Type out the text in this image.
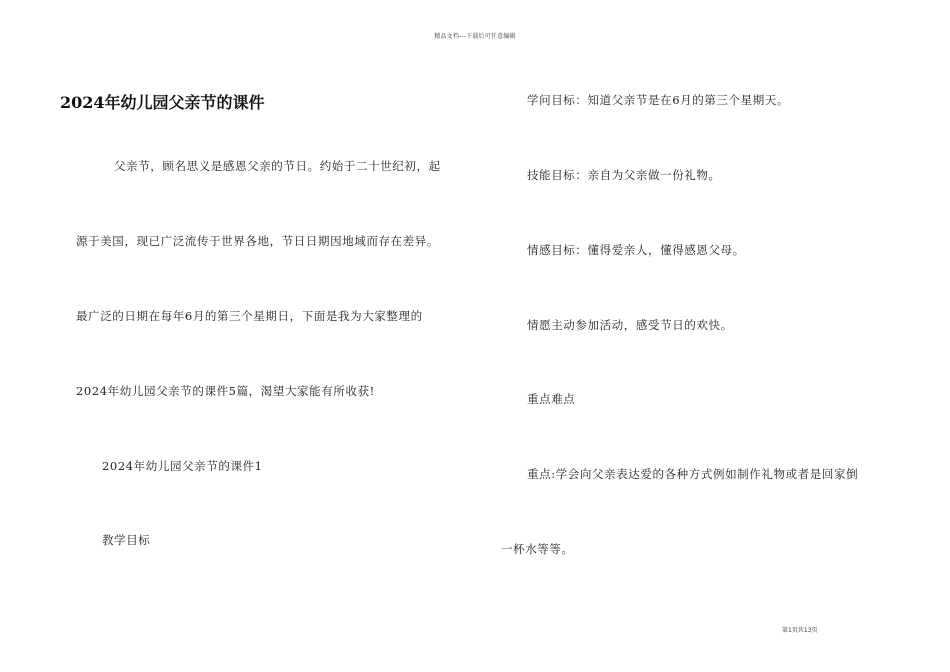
精品文档---下载后可任意编辑
2024年幼儿园父亲节的课件
父亲节，顾名思义是感恩父亲的节日。约始于二十世纪初，起
源于美国，现已广泛流传于世界各地，节日日期因地域而存在差异。
最广泛的日期在每年6月的第三个星期日，下面是我为大家整理的
2024年幼儿园父亲节的课件5篇，渴望大家能有所收获!
2024年幼儿园父亲节的课件1
教学目标
学问目标：知道父亲节是在6月的第三个星期天。
技能目标：亲自为父亲做一份礼物。
情感目标：懂得爱亲人，懂得感恩父母。
情愿主动参加活动，感受节日的欢快。
重点难点
重点:学会向父亲表达爱的各种方式例如制作礼物或者是回家倒
一杯水等等。
第1页共13页
